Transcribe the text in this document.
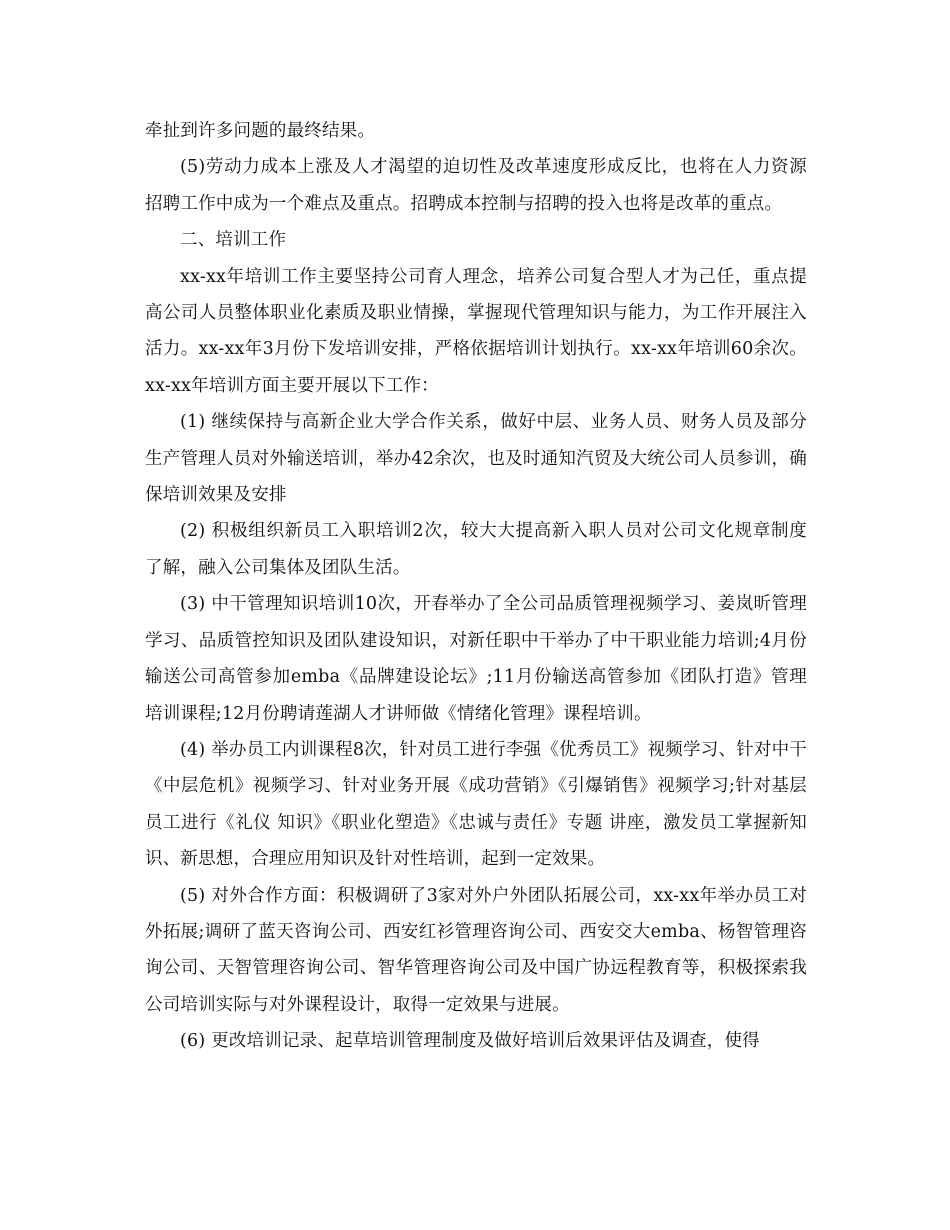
牵扯到许多问题的最终结果。

(5)劳动力成本上涨及人才渴望的迫切性及改革速度形成反比，也将在人力资源招聘工作中成为一个难点及重点。招聘成本控制与招聘的投入也将是改革的重点。

二、培训工作

xx-xx年培训工作主要坚持公司育人理念，培养公司复合型人才为己任，重点提高公司人员整体职业化素质及职业情操，掌握现代管理知识与能力，为工作开展注入活力。xx-xx年3月份下发培训安排，严格依据培训计划执行。xx-xx年培训60余次。xx-xx年培训方面主要开展以下工作：

(1) 继续保持与高新企业大学合作关系，做好中层、业务人员、财务人员及部分生产管理人员对外输送培训，举办42余次，也及时通知汽贸及大统公司人员参训，确保培训效果及安排

(2) 积极组织新员工入职培训2次，较大大提高新入职人员对公司文化规章制度 了解，融入公司集体及团队生活。

(3) 中干管理知识培训10次，开春举办了全公司品质管理视频学习、姜岚昕管理学习、品质管控知识及团队建设知识，对新任职中干举办了中干职业能力培训;4月份输送公司高管参加emba《品牌建设论坛》;11月份输送高管参加《团队打造》管理培训课程;12月份聘请莲湖人才讲师做《情绪化管理》课程培训。

(4) 举办员工内训课程8次，针对员工进行李强《优秀员工》视频学习、针对中干《中层危机》视频学习、针对业务开展《成功营销》《引爆销售》视频学习;针对基层员工进行《礼仪 知识》《职业化塑造》《忠诚与责任》专题 讲座，激发员工掌握新知识、新思想，合理应用知识及针对性培训，起到一定效果。

(5) 对外合作方面：积极调研了3家对外户外团队拓展公司，xx-xx年举办员工对外拓展;调研了蓝天咨询公司、西安红衫管理咨询公司、西安交大emba、杨智管理咨询公司、天智管理咨询公司、智华管理咨询公司及中国广协远程教育等，积极探索我公司培训实际与对外课程设计，取得一定效果与进展。

(6) 更改培训记录、起草培训管理制度及做好培训后效果评估及调查，使得
